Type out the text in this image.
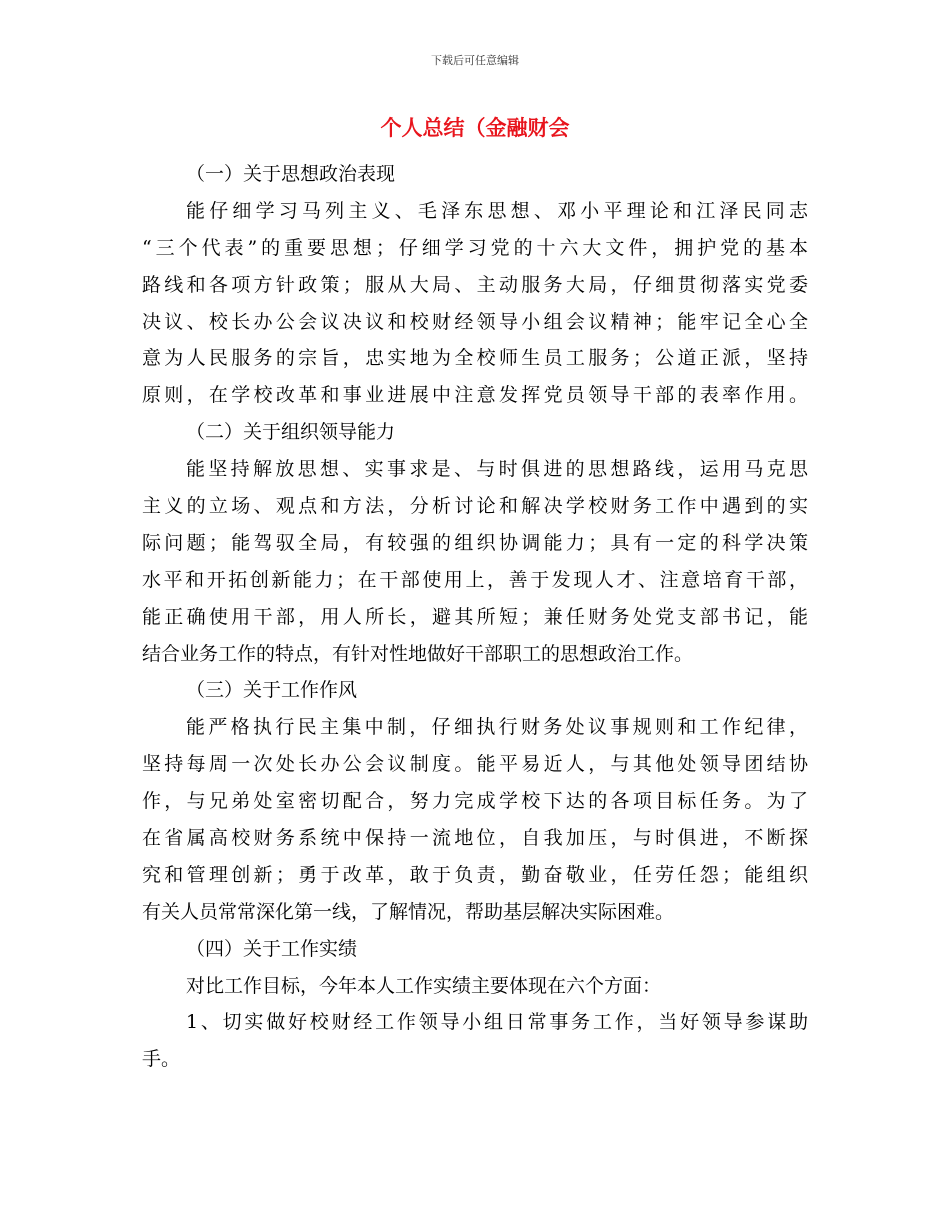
下载后可任意编辑
个人总结（金融财会
（一）关于思想政治表现
能仔细学习马列主义、毛泽东思想、邓小平理论和江泽民同志
“三个代表”的重要思想；仔细学习党的十六大文件，拥护党的基本
路线和各项方针政策；服从大局、主动服务大局，仔细贯彻落实党委
决议、校长办公会议决议和校财经领导小组会议精神；能牢记全心全
意为人民服务的宗旨，忠实地为全校师生员工服务；公道正派，坚持
原则，在学校改革和事业进展中注意发挥党员领导干部的表率作用。
（二）关于组织领导能力
能坚持解放思想、实事求是、与时俱进的思想路线，运用马克思
主义的立场、观点和方法，分析讨论和解决学校财务工作中遇到的实
际问题；能驾驭全局，有较强的组织协调能力；具有一定的科学决策
水平和开拓创新能力；在干部使用上，善于发现人才、注意培育干部，
能正确使用干部，用人所长，避其所短；兼任财务处党支部书记，能
结合业务工作的特点，有针对性地做好干部职工的思想政治工作。
（三）关于工作作风
能严格执行民主集中制，仔细执行财务处议事规则和工作纪律，
坚持每周一次处长办公会议制度。能平易近人，与其他处领导团结协
作，与兄弟处室密切配合，努力完成学校下达的各项目标任务。为了
在省属高校财务系统中保持一流地位，自我加压，与时俱进，不断探
究和管理创新；勇于改革，敢于负责，勤奋敬业，任劳任怨；能组织
有关人员常常深化第一线，了解情况，帮助基层解决实际困难。
（四）关于工作实绩
对比工作目标，今年本人工作实绩主要体现在六个方面：
1、切实做好校财经工作领导小组日常事务工作，当好领导参谋助
手。
